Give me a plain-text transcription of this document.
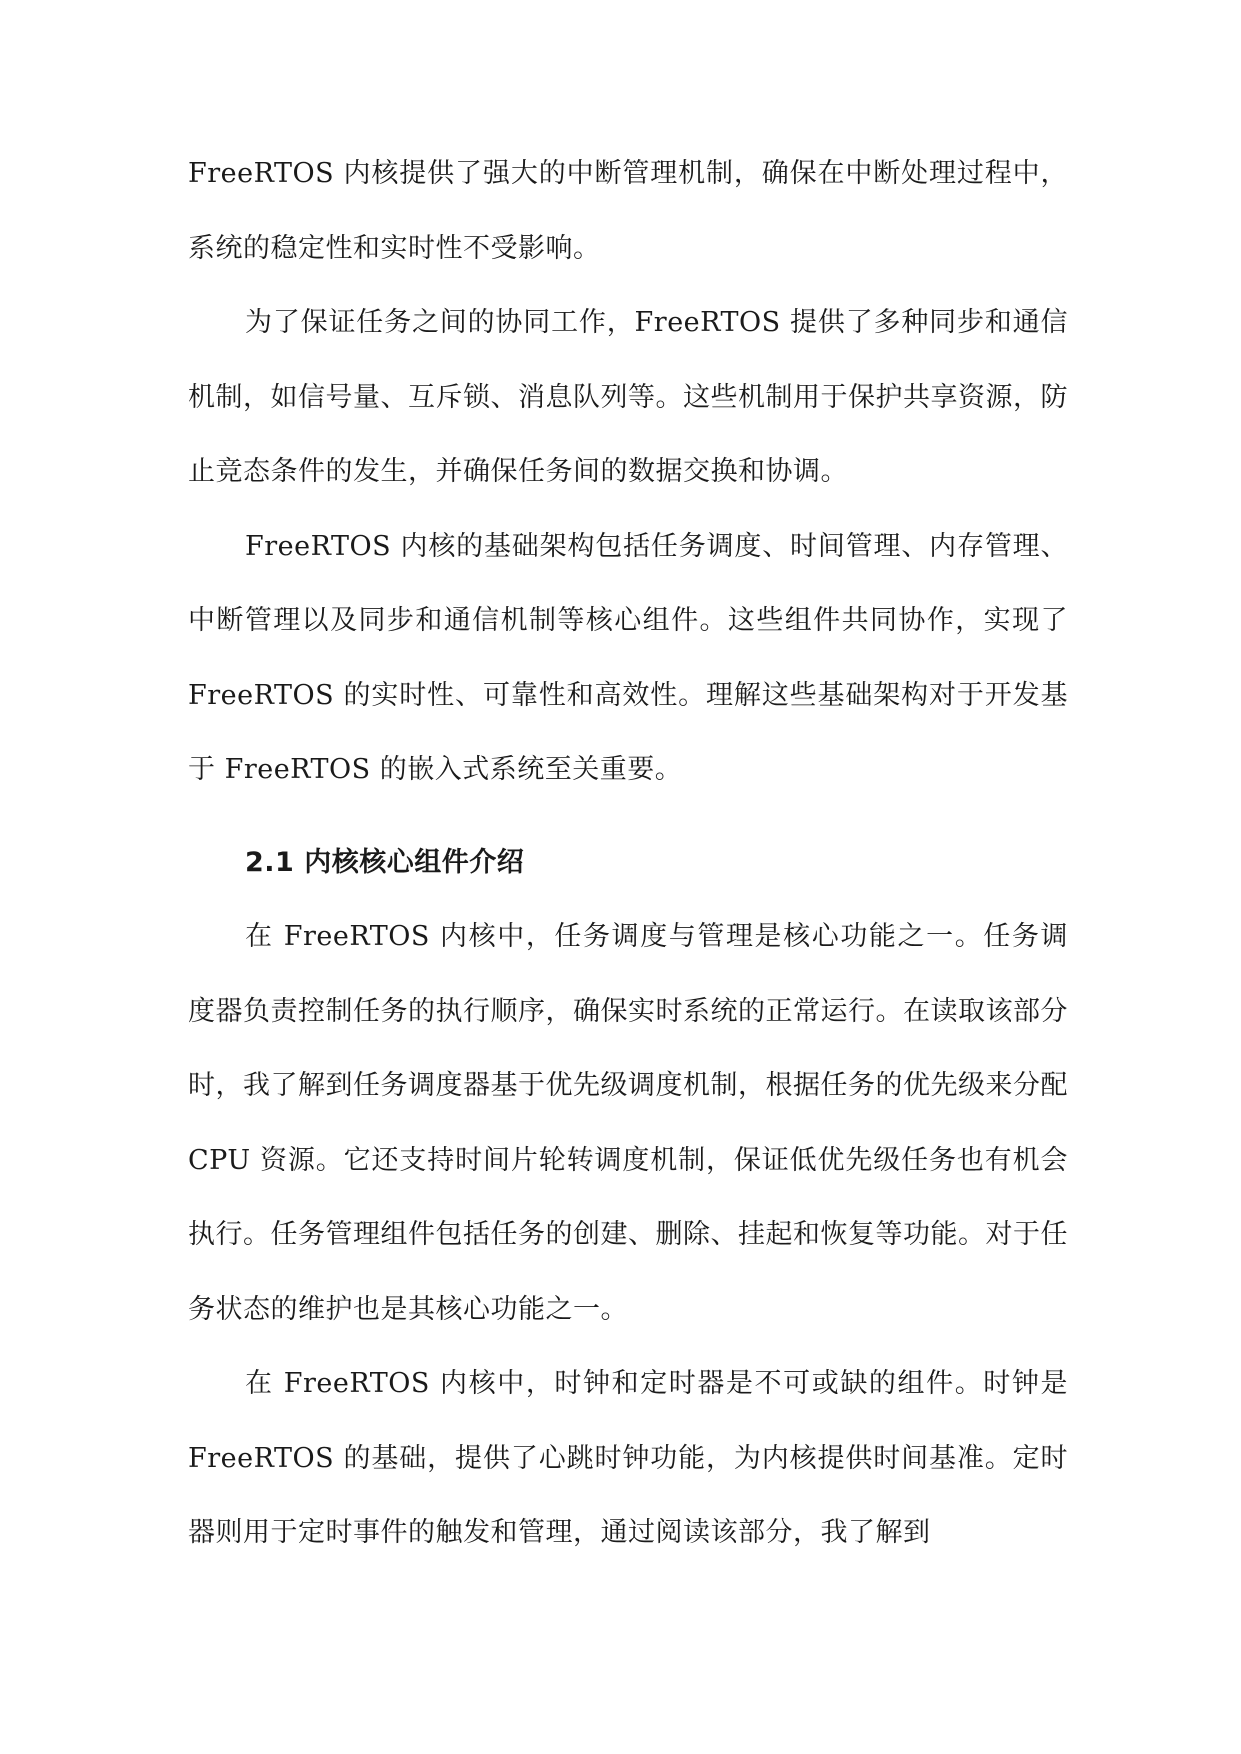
FreeRTOS 内核提供了强大的中断管理机制，确保在中断处理过程中，系统的稳定性和实时性不受影响。

为了保证任务之间的协同工作，FreeRTOS 提供了多种同步和通信机制，如信号量、互斥锁、消息队列等。这些机制用于保护共享资源，防止竞态条件的发生，并确保任务间的数据交换和协调。

FreeRTOS 内核的基础架构包括任务调度、时间管理、内存管理、中断管理以及同步和通信机制等核心组件。这些组件共同协作，实现了 FreeRTOS 的实时性、可靠性和高效性。理解这些基础架构对于开发基于 FreeRTOS 的嵌入式系统至关重要。

2.1 内核核心组件介绍

在 FreeRTOS 内核中，任务调度与管理是核心功能之一。任务调度器负责控制任务的执行顺序，确保实时系统的正常运行。在读取该部分时，我了解到任务调度器基于优先级调度机制，根据任务的优先级来分配 CPU 资源。它还支持时间片轮转调度机制，保证低优先级任务也有机会执行。任务管理组件包括任务的创建、删除、挂起和恢复等功能。对于任务状态的维护也是其核心功能之一。

在 FreeRTOS 内核中，时钟和定时器是不可或缺的组件。时钟是 FreeRTOS 的基础，提供了心跳时钟功能，为内核提供时间基准。定时器则用于定时事件的触发和管理，通过阅读该部分，我了解到
